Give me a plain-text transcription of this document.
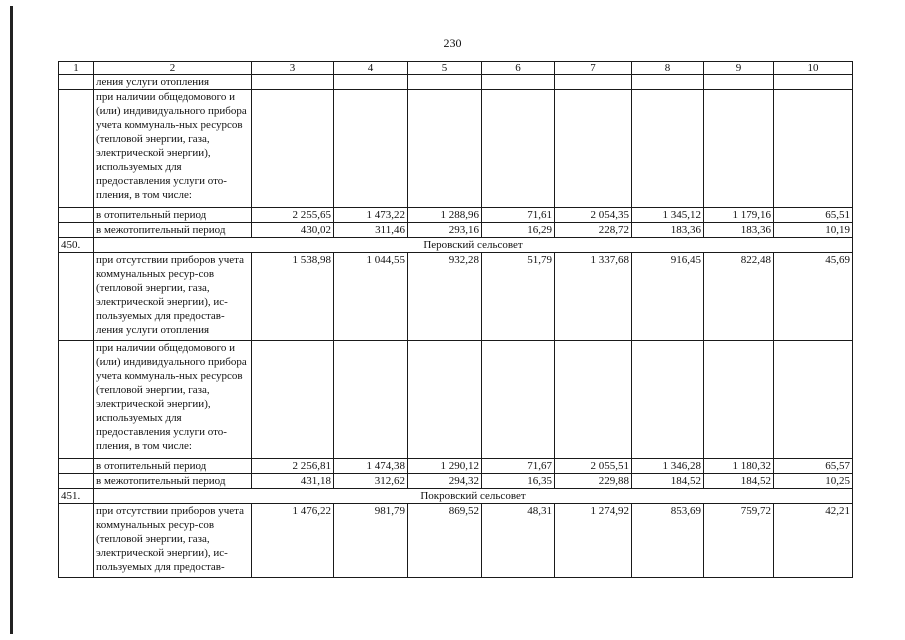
230
1	2	3	4	5	6	7	8	9	10
	ления услуги отопления								
	при наличии общедомового и (или) индивидуального прибора учета коммуналь-ных ресурсов (тепловой энергии, газа, электрической энергии), используемых для предоставления услуги ото-пления, в том числе:								
	в отопительный период	2 255,65	1 473,22	1 288,96	71,61	2 054,35	1 345,12	1 179,16	65,51
	в межотопительный период	430,02	311,46	293,16	16,29	228,72	183,36	183,36	10,19
450.	Перовский сельсовет								
	при отсутствии приборов учета коммунальных ресур-сов (тепловой энергии, газа, электрической энергии), ис-пользуемых для предостав-ления услуги отопления	1 538,98	1 044,55	932,28	51,79	1 337,68	916,45	822,48	45,69
	при наличии общедомового и (или) индивидуального прибора учета коммуналь-ных ресурсов (тепловой энергии, газа, электрической энергии), используемых для предоставления услуги ото-пления, в том числе:								
	в отопительный период	2 256,81	1 474,38	1 290,12	71,67	2 055,51	1 346,28	1 180,32	65,57
	в межотопительный период	431,18	312,62	294,32	16,35	229,88	184,52	184,52	10,25
451.	Покровский сельсовет								
	при отсутствии приборов учета коммунальных ресур-сов (тепловой энергии, газа, электрической энергии), ис-пользуемых для предостав-	1 476,22	981,79	869,52	48,31	1 274,92	853,69	759,72	42,21
